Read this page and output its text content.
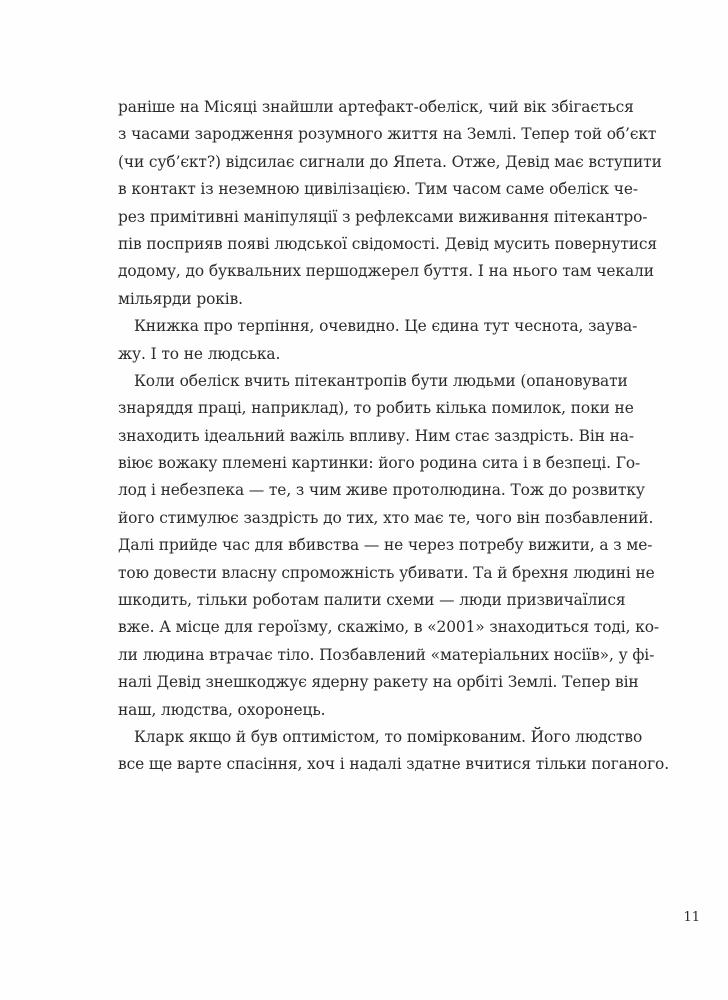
раніше на Місяці знайшли артефакт-обеліск, чий вік збігається
з часами зародження розумного життя на Землі. Тепер той об’єкт
(чи суб’єкт?) відсилає сигнали до Япета. Отже, Девід має вступити
в контакт із неземною цивілізацією. Тим часом саме обеліск че-
рез примітивні маніпуляції з рефлексами виживання пітекантро-
пів посприяв появі людської свідомості. Девід мусить повернутися
додому, до буквальних першоджерел буття. І на нього там чекали
мільярди років.
Книжка про терпіння, очевидно. Це єдина тут чеснота, заува-
жу. І то не людська.
Коли обеліск вчить пітекантропів бути людьми (опановувати
знаряддя праці, наприклад), то робить кілька помилок, поки не
знаходить ідеальний важіль впливу. Ним стає заздрість. Він на-
віює вожаку племені картинки: його родина сита і в безпеці. Го-
лод і небезпека — те, з чим живе протолюдина. Тож до розвитку
його стимулює заздрість до тих, хто має те, чого він позбавлений.
Далі прийде час для вбивства — не через потребу вижити, а з ме-
тою довести власну спроможність убивати. Та й брехня людині не
шкодить, тільки роботам палити схеми — люди призвичаїлися
вже. А місце для героїзму, скажімо, в «2001» знаходиться тоді, ко-
ли людина втрачає тіло. Позбавлений «матеріальних носіїв», у фі-
налі Девід знешкоджує ядерну ракету на орбіті Землі. Тепер він
наш, людства, охоронець.
Кларк якщо й був оптимістом, то поміркованим. Його людство
все ще варте спасіння, хоч і надалі здатне вчитися тільки поганого.
11
